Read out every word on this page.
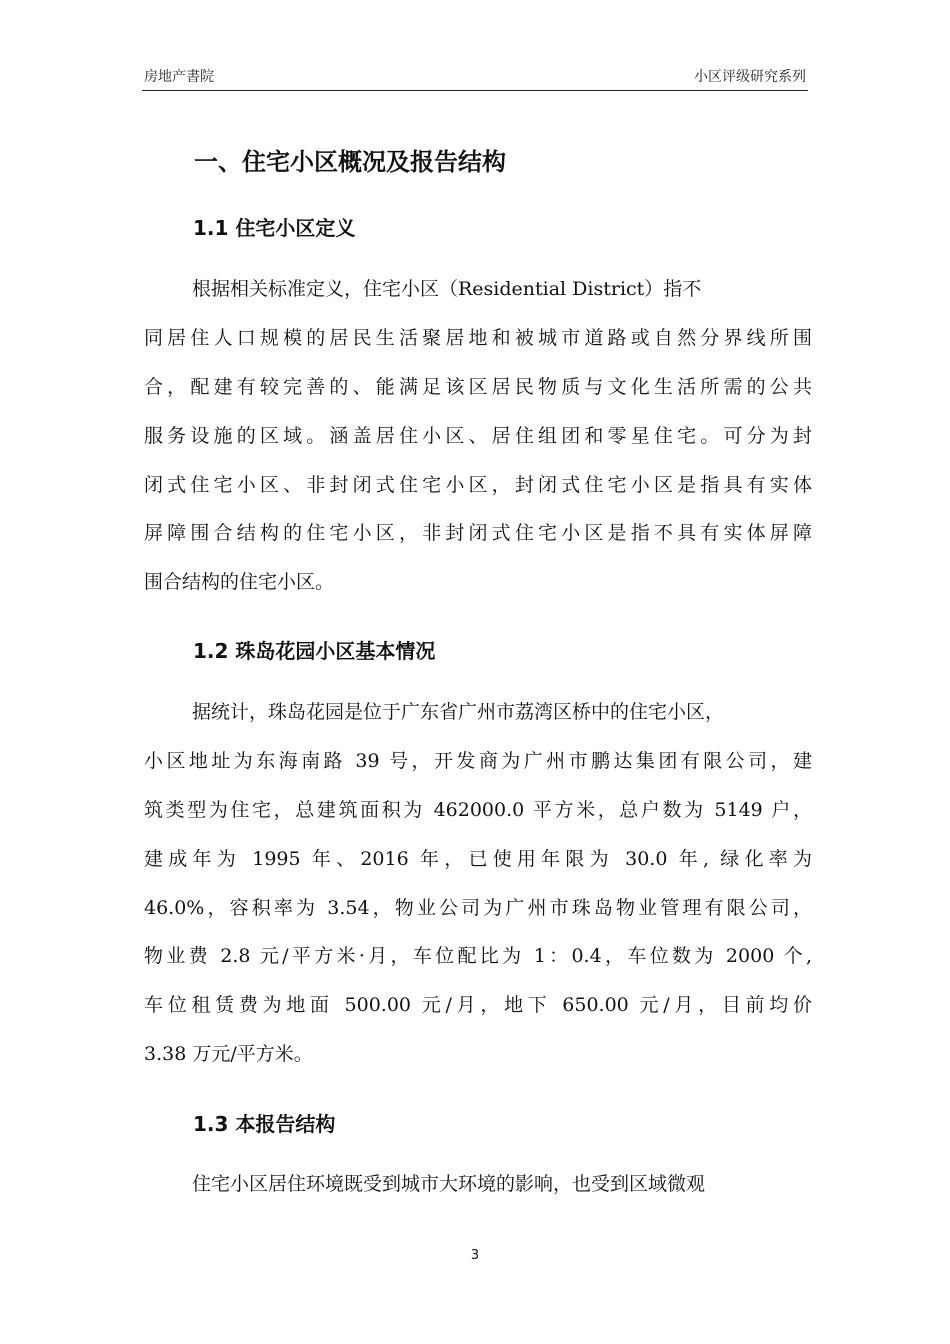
房地产書院	小区评级研究系列
一、住宅小区概况及报告结构
1.1 住宅小区定义
根据相关标准定义，住宅小区（Residential District）指不
同居住人口规模的居民生活聚居地和被城市道路或自然分界线所围
合，配建有较完善的、能满足该区居民物质与文化生活所需的公共
服务设施的区域。涵盖居住小区、居住组团和零星住宅。可分为封
闭式住宅小区、非封闭式住宅小区，封闭式住宅小区是指具有实体
屏障围合结构的住宅小区，非封闭式住宅小区是指不具有实体屏障
围合结构的住宅小区。
1.2 珠岛花园小区基本情况
据统计，珠岛花园是位于广东省广州市荔湾区桥中的住宅小区，
小区地址为东海南路 39 号，开发商为广州市鹏达集团有限公司，建
筑类型为住宅，总建筑面积为 462000.0 平方米，总户数为 5149 户，
建成年为 1995 年、2016 年，已使用年限为 30.0 年, 绿化率为
46.0%，容积率为 3.54，物业公司为广州市珠岛物业管理有限公司，
物业费 2.8 元/平方米·月，车位配比为 1：0.4，车位数为 2000 个,
车位租赁费为地面 500.00 元/月，地下 650.00 元/月，目前均价
3.38 万元/平方米。
1.3 本报告结构
住宅小区居住环境既受到城市大环境的影响，也受到区域微观
3
